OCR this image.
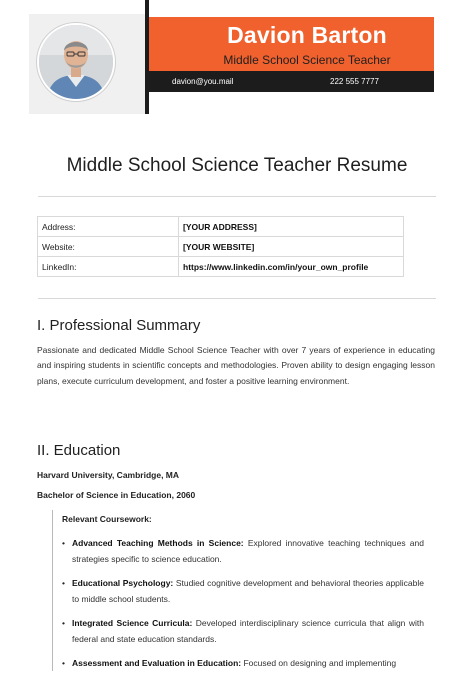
Davion Barton
Middle School Science Teacher
davion@you.mail	222 555 7777
Middle School Science Teacher Resume
Address:	[YOUR ADDRESS]
Website:	[YOUR WEBSITE]
LinkedIn:	https://www.linkedin.com/in/your_own_profile
I. Professional Summary

Passionate and dedicated Middle School Science Teacher with over 7 years of experience in educating and inspiring students in scientific concepts and methodologies. Proven ability to design engaging lesson plans, execute curriculum development, and foster a positive learning environment.

II. Education
Harvard University, Cambridge, MA
Bachelor of Science in Education, 2060
Relevant Coursework:
• Advanced Teaching Methods in Science: Explored innovative teaching techniques and strategies specific to science education.
• Educational Psychology: Studied cognitive development and behavioral theories applicable to middle school students.
• Integrated Science Curricula: Developed interdisciplinary science curricula that align with federal and state education standards.
• Assessment and Evaluation in Education: Focused on designing and implementing
